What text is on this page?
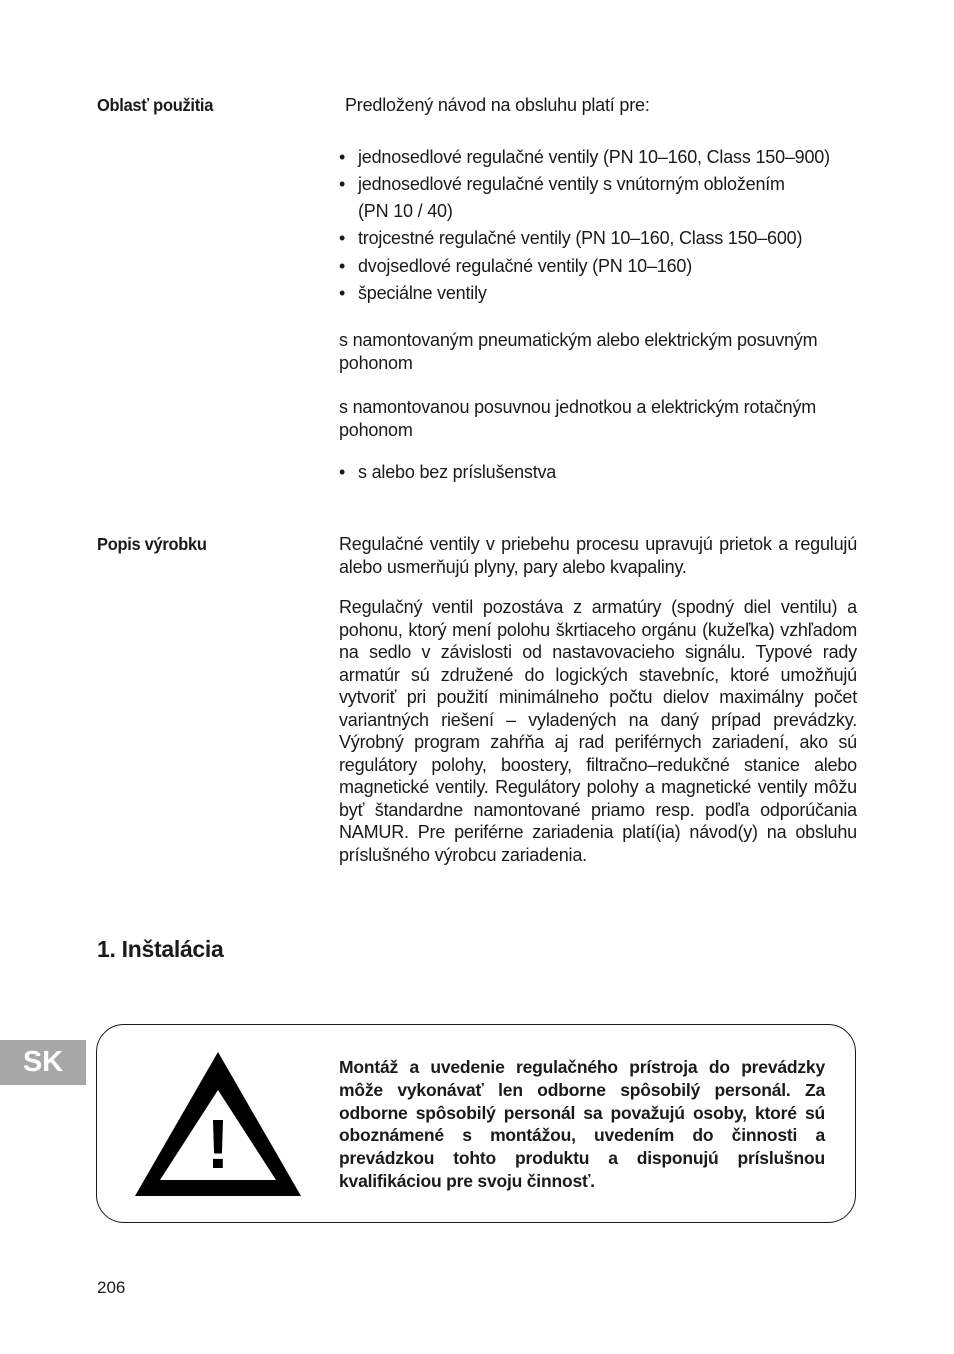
Oblasť použitia	Predložený návod na obsluhu platí pre:

• jednosedlové regulačné ventily (PN 10–160, Class 150–900)
• jednosedlové regulačné ventily s vnútorným obložením
(PN 10 / 40)
• trojcestné regulačné ventily (PN 10–160, Class 150–600)
• dvojsedlové regulačné ventily (PN 10–160)
• špeciálne ventily

s namontovaným pneumatickým alebo elektrickým posuvným pohonom

s namontovanou posuvnou jednotkou a elektrickým rotačným pohonom

• s alebo bez príslušenstva
Popis výrobku	Regulačné ventily v priebehu procesu upravujú prietok a regulujú alebo usmerňujú plyny, pary alebo kvapaliny.

Regulačný ventil pozostáva z armatúry (spodný diel ventilu) a pohonu, ktorý mení polohu škrtiaceho orgánu (kužeľka) vzhľadom na sedlo v závislosti od nastavovacieho signálu. Typové rady armatúr sú združené do logických stavebníc, ktoré umožňujú vytvoriť pri použití minimálneho počtu dielov maximálny počet variantných riešení – vyladených na daný prípad prevádzky. Výrobný program zahŕňa aj rad periférnych zariadení, ako sú regulátory polohy, boostery, filtračno–redukčné stanice alebo magnetické ventily. Regulátory polohy a magnetické ventily môžu byť štandardne namontované priamo resp. podľa odporúčania NAMUR. Pre periférne zariadenia platí(ia) návod(y) na obsluhu príslušného výrobcu zariadenia.

1. Inštalácia
SK
!
Montáž a uvedenie regulačného prístroja do prevádzky môže vykonávať len odborne spôsobilý personál. Za odborne spôsobilý personál sa považujú osoby, ktoré sú oboznámené s montážou, uvedením do činnosti a prevádzkou tohto produktu a disponujú príslušnou kvalifikáciou pre svoju činnosť.
206
